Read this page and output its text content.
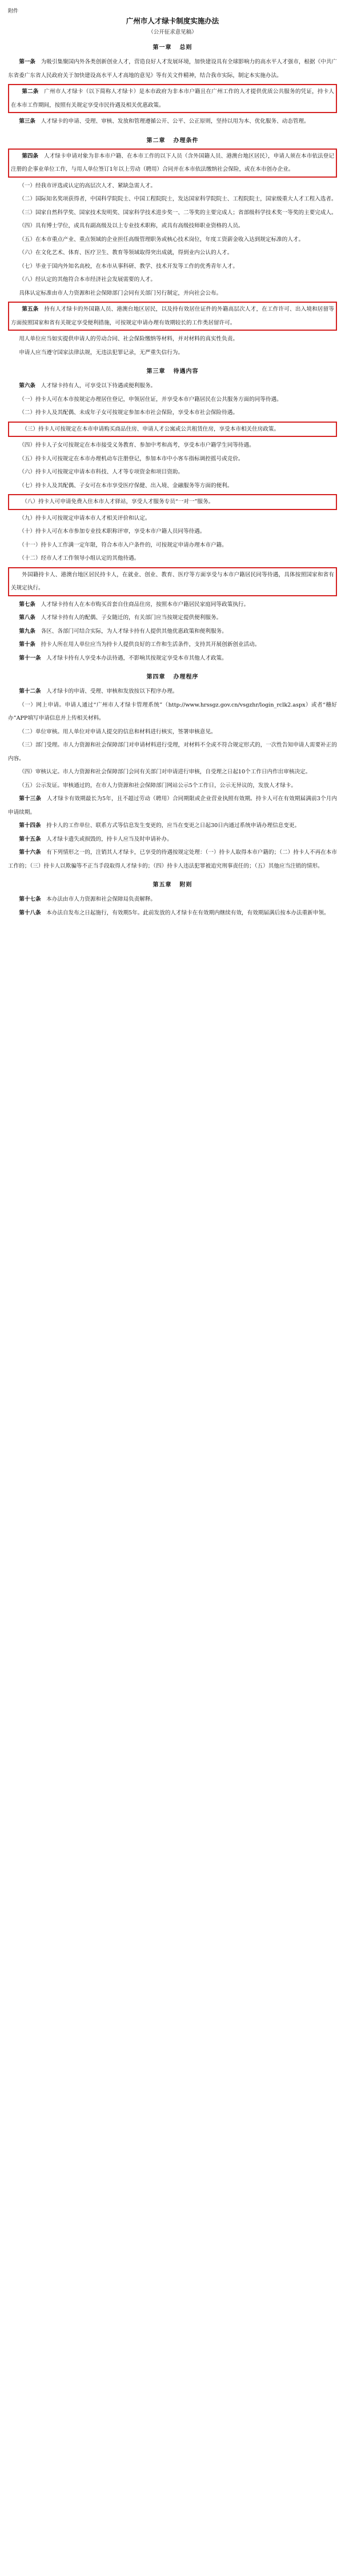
附件
广州市人才绿卡制度实施办法
（公开征求意见稿）
第一章 总则

第一条　 为吸引集聚国内外各类创新创业人才，营造良好人才发展环境，加快建设具有全球影响力的高水平人才强市，根据《中共广东省委广东省人民政府关于加快建设高水平人才高地的意见》等有关文件精神，结合我市实际，制定本实施办法。

第二条　 广州市人才绿卡（以下简称人才绿卡）是本市政府为非本市户籍且在广州工作的人才提供优质公共服务的凭证，持卡人在本市工作期间，按照有关规定享受市民待遇及相关优惠政策。

第三条　 人才绿卡的申请、受理、审核、发放和管理遵循公开、公平、公正原则，坚持以用为本、优化服务、动态管理。

第二章 办理条件

第四条　 人才绿卡申请对象为非本市户籍、在本市工作的以下人员（含外国籍人员、港澳台地区居民），申请人须在本市依法登记注册的企事业单位工作，与用人单位签订1年以上劳动（聘用）合同并在本市依法缴纳社会保险，或在本市创办企业。

（一）经我市评选或认定的高层次人才、紧缺急需人才。

（二）国际知名奖项获得者，中国科学院院士、中国工程院院士，发达国家科学院院士、工程院院士，国家级重大人才工程入选者。

（三）国家自然科学奖、国家技术发明奖、国家科学技术进步奖一、二等奖的主要完成人；省部级科学技术奖一等奖的主要完成人。

（四）具有博士学位，或具有副高级及以上专业技术职称，或具有高级技师职业资格的人员。

（五）在本市重点产业、重点领域的企业担任高级管理职务或核心技术岗位，年度工资薪金收入达到规定标准的人才。

（六）在文化艺术、体育、医疗卫生、教育等领域取得突出成就，得到业内公认的人才。

（七）毕业于国内外知名高校，在本市从事科研、教学、技术开发等工作的优秀青年人才。

（八）经认定的其他符合本市经济社会发展需要的人才。

具体认定标准由市人力资源和社会保障部门会同有关部门另行制定，并向社会公布。

第五条　 持有人才绿卡的外国籍人员、港澳台地区居民，以及持有效居住证件的外籍高层次人才，在工作许可、出入境和居留等方面按照国家和省有关规定享受便利措施，可按规定申请办理有效期较长的工作类居留许可。

用人单位应当如实提供申请人的劳动合同、社会保险缴纳等材料，并对材料的真实性负责。

申请人应当遵守国家法律法规，无违法犯罪记录，无严重失信行为。

第三章 待遇内容

第六条　 人才绿卡持有人，可享受以下待遇或便利服务。

（一）持卡人可在本市按规定办理居住登记，申领居住证，并享受本市户籍居民在公共服务方面的同等待遇。

（二）持卡人及其配偶、未成年子女可按规定参加本市社会保险，享受本市社会保险待遇。

（三）持卡人可按规定在本市申请购买商品住房、申请人才公寓或公共租赁住房，享受本市相关住房政策。

（四）持卡人子女可按规定在本市接受义务教育、参加中考和高考，享受本市户籍学生同等待遇。

（五）持卡人可按规定在本市办理机动车注册登记，参加本市中小客车指标调控摇号或竞价。

（六）持卡人可按规定申请本市科技、人才等专项资金和项目资助。

（七）持卡人及其配偶、子女可在本市享受医疗保健、出入境、金融服务等方面的便利。

（八）持卡人可申请免费入住本市人才驿站，享受人才服务专员“一对一”服务。

（九）持卡人可按规定申请本市人才相关评价和认定。

（十）持卡人可在本市参加专业技术职称评审，享受本市户籍人员同等待遇。

（十一）持卡人工作满一定年限，符合本市入户条件的，可按规定申请办理本市户籍。

（十二）经市人才工作领导小组认定的其他待遇。

外国籍持卡人、港澳台地区居民持卡人，在就业、创业、教育、医疗等方面享受与本市户籍居民同等待遇，具体按照国家和省有关规定执行。

第七条　 人才绿卡持有人在本市购买首套自住商品住房，按照本市户籍居民家庭同等政策执行。

第八条　 人才绿卡持有人的配偶、子女随迁的，有关部门应当按规定提供便利服务。

第九条　 各区、各部门可结合实际，为人才绿卡持有人提供其他优惠政策和便利服务。

第十条　 持卡人所在用人单位应当为持卡人提供良好的工作和生活条件，支持其开展创新创业活动。

第十一条　 人才绿卡持有人享受本办法待遇，不影响其按规定享受本市其他人才政策。

第四章 办理程序

第十二条　 人才绿卡的申请、受理、审核和发放按以下程序办理。

（一）网上申请。申请人通过“广州市人才绿卡管理系统”（http://www.hrssgz.gov.cn/vsgzhr/login_rclk2.aspx）或者“穗好办”APP填写申请信息并上传相关材料。

（二）单位审核。用人单位对申请人提交的信息和材料进行核实，签署审核意见。

（三）部门受理。市人力资源和社会保障部门对申请材料进行受理，对材料不全或不符合规定形式的，一次性告知申请人需要补正的内容。

（四）审核认定。市人力资源和社会保障部门会同有关部门对申请进行审核，自受理之日起10个工作日内作出审核决定。

（五）公示发证。审核通过的，在市人力资源和社会保障部门网站公示5个工作日，公示无异议的，发放人才绿卡。

第十三条　 人才绿卡有效期最长为5年，且不超过劳动（聘用）合同期限或企业营业执照有效期。持卡人可在有效期届满前3个月内申请续期。

第十四条　 持卡人的工作单位、联系方式等信息发生变更的，应当在变更之日起30日内通过系统申请办理信息变更。

第十五条　 人才绿卡遗失或损毁的，持卡人应当及时申请补办。

第十六条　 有下列情形之一的，注销其人才绿卡，已享受的待遇按规定处理：（一）持卡人取得本市户籍的；（二）持卡人不再在本市工作的；（三）持卡人以欺骗等不正当手段取得人才绿卡的；（四）持卡人违法犯罪被追究刑事责任的；（五）其他应当注销的情形。

第五章 附则

第十七条　 本办法由市人力资源和社会保障局负责解释。

第十八条　 本办法自发布之日起施行，有效期5年。此前发放的人才绿卡在有效期内继续有效，有效期届满后按本办法重新申领。
